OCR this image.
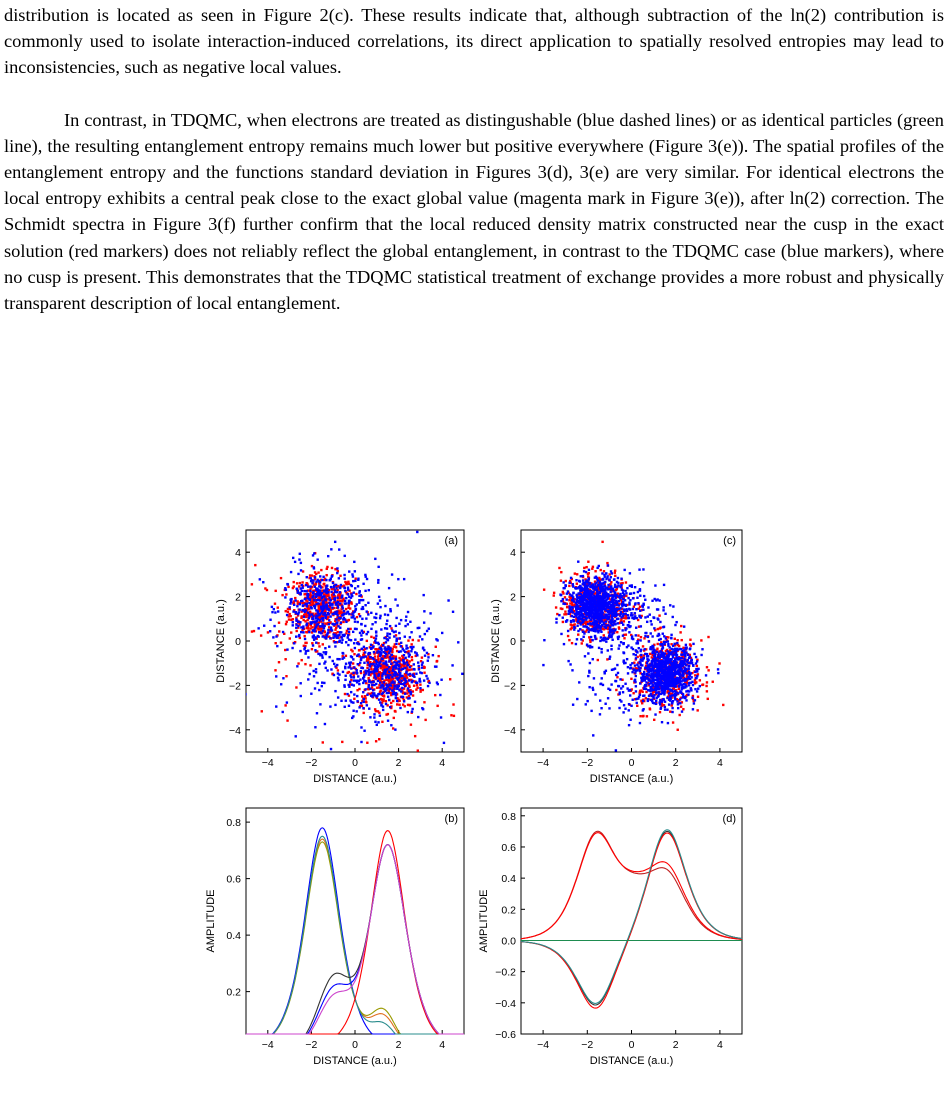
distribution is located as seen in Figure 2(c). These results indicate that, although subtraction of the ln(2) contribution is commonly used to isolate interaction-induced correlations, its direct application to spatially resolved entropies may lead to inconsistencies, such as negative local values.

In contrast, in TDQMC, when electrons are treated as distingushable (blue dashed lines) or as identical particles (green line), the resulting entanglement entropy remains much lower but positive everywhere (Figure 3(e)). The spatial profiles of the entanglement entropy and the functions standard deviation in Figures 3(d), 3(e) are very similar. For identical electrons the local entropy exhibits a central peak close to the exact global value (magenta mark in Figure 3(e)), after ln(2) correction. The Schmidt spectra in Figure 3(f) further confirm that the local reduced density matrix constructed near the cusp in the exact solution (red markers) does not reliably reflect the global entanglement, in contrast to the TDQMC case (blue markers), where no cusp is present. This demonstrates that the TDQMC statistical treatment of exchange provides a more robust and physically transparent description of local entanglement.

−4	−2	0	2	4
−4
−2
0
2
4
DISTANCE (a.u.)
DISTANCE (a.u.)
(a)
−4	−2	0	2	4
0.2
0.4
0.6
0.8
DISTANCE (a.u.)
AMPLITUDE
(b)
−4	−2	0	2	4
−4
−2
0
2
4
DISTANCE (a.u.)
DISTANCE (a.u.)
(c)
−4	−2	0	2	4
−0.6
−0.4
−0.2
0.0
0.2
0.4
0.6
0.8
DISTANCE (a.u.)
AMPLITUDE
(d)
